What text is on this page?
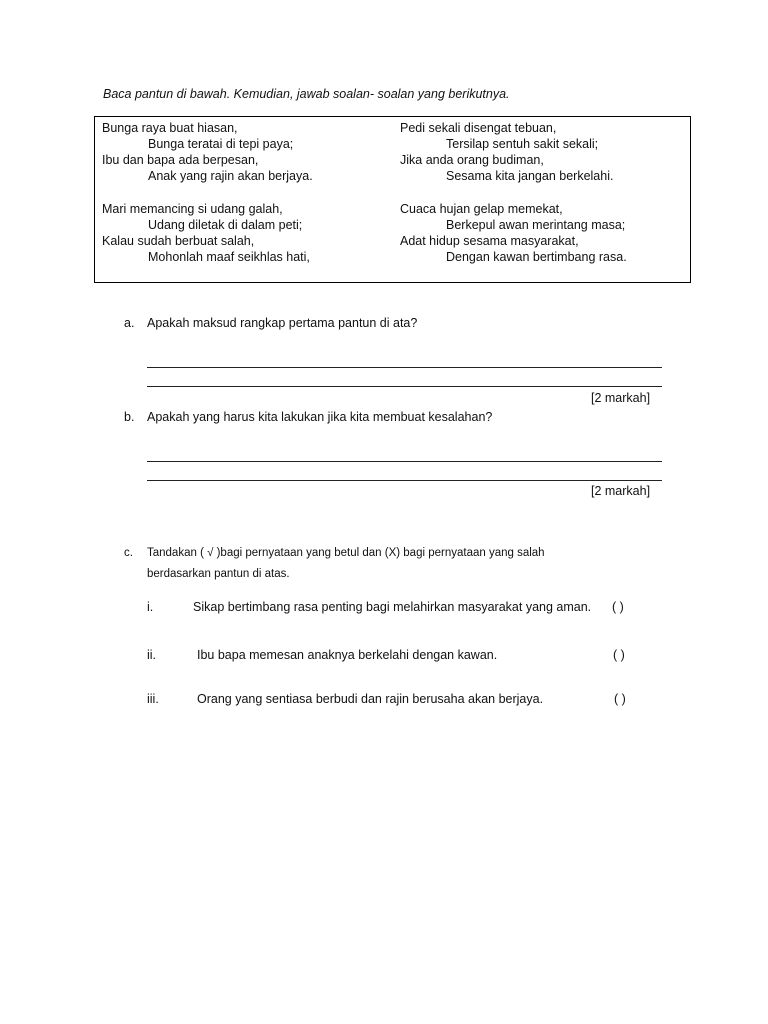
Baca pantun di bawah. Kemudian, jawab soalan- soalan yang berikutnya.
Bunga raya buat hiasan,
Bunga teratai di tepi paya;
Ibu dan bapa ada berpesan,
Anak yang rajin akan berjaya.
Mari memancing si udang galah,
Udang diletak di dalam peti;
Kalau sudah berbuat salah,
Mohonlah maaf seikhlas hati,
Pedi sekali disengat tebuan,
Tersilap sentuh sakit sekali;
Jika anda orang budiman,
Sesama kita jangan berkelahi.
Cuaca hujan gelap memekat,
Berkepul awan merintang masa;
Adat hidup sesama masyarakat,
Dengan kawan bertimbang rasa.
a. Apakah maksud rangkap pertama pantun di ata?
[2 markah]
b. Apakah yang harus kita lakukan jika kita membuat kesalahan?
[2 markah]
c. Tandakan ( √ )bagi pernyataan yang betul dan (X) bagi pernyataan yang salah
berdasarkan pantun di atas.
i.	Sikap bertimbang rasa penting bagi melahirkan masyarakat yang aman. ( )
ii.	Ibu bapa memesan anaknya berkelahi dengan kawan.	( )
iii.	Orang yang sentiasa berbudi dan rajin berusaha akan berjaya.	( )
